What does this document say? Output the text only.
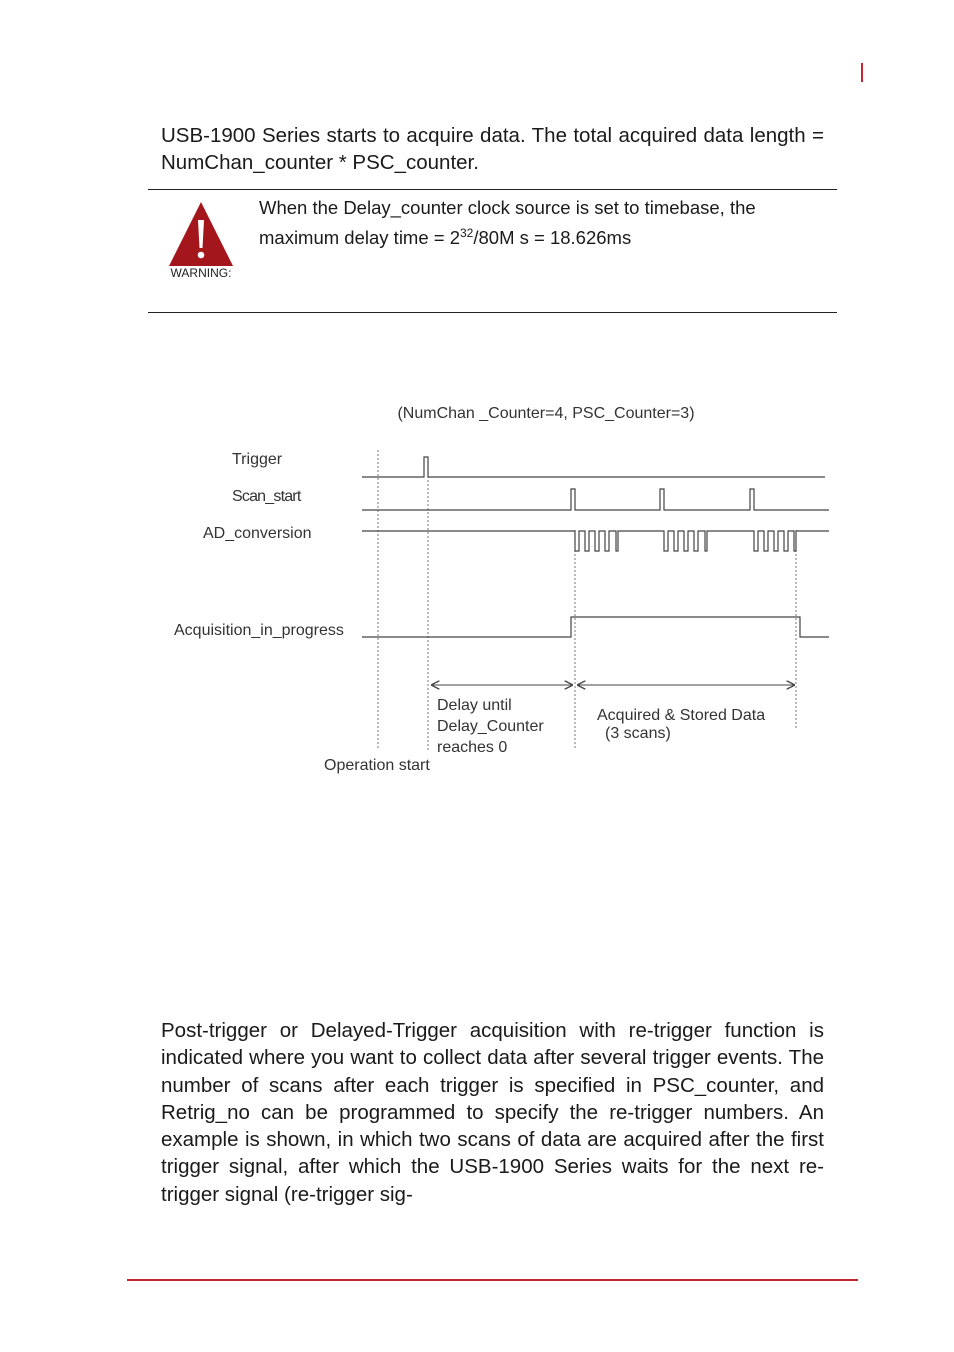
USB-1900 Series starts to acquire data. The total acquired data length = NumChan_counter * PSC_counter.

WARNING:

When the Delay_counter clock source is set to timebase, the maximum delay time = $2^{32}/80M$ s = 18.626ms

(NumChan _Counter=4, PSC_Counter=3)
Trigger
Scan_start
AD_conversion
Acquisition_in_progress
Delay until
Delay_Counter
reaches 0
Acquired & Stored Data
(3 scans)
Operation start

Post-trigger or Delayed-Trigger acquisition with re-trigger function is indicated where you want to collect data after several trigger events. The number of scans after each trigger is specified in PSC_counter, and Retrig_no can be programmed to specify the re-trigger numbers. An example is shown, in which two scans of data are acquired after the first trigger signal, after which the USB-1900 Series waits for the next re-trigger signal (re-trigger sig-
